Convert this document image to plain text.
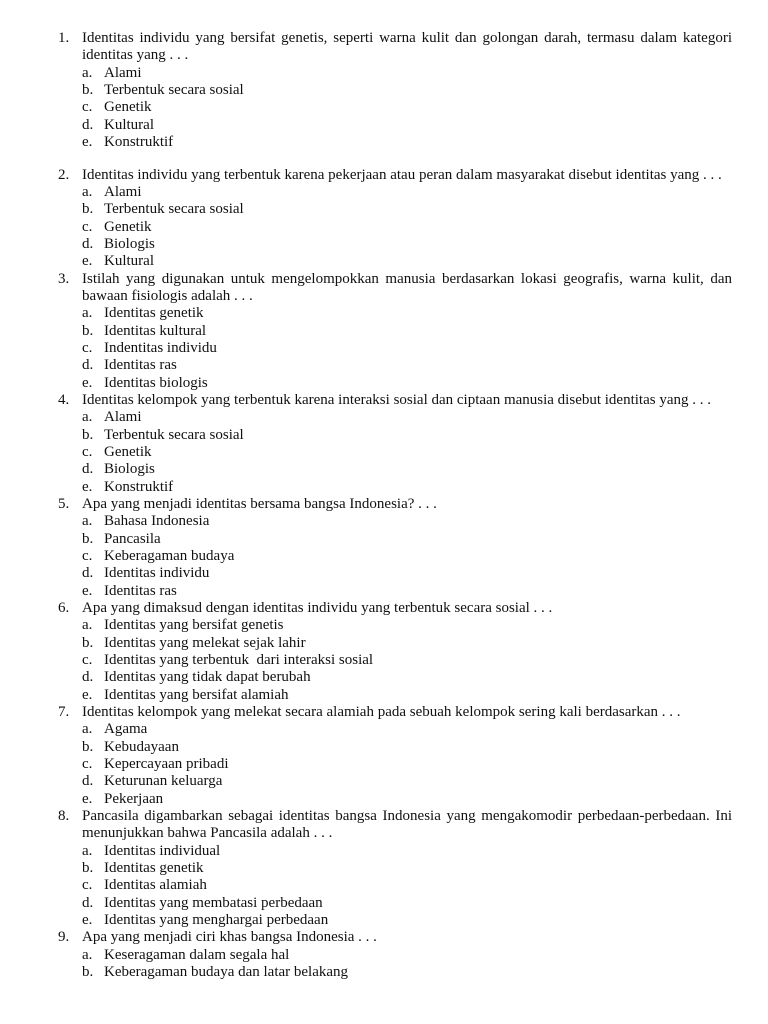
1. Identitas individu yang bersifat genetis, seperti warna kulit dan golongan darah, termasu dalam kategori
identitas yang . . .
a. Alami
b. Terbentuk secara sosial
c. Genetik
d. Kultural
e. Konstruktif
2. Identitas individu yang terbentuk karena pekerjaan atau peran dalam masyarakat disebut identitas yang . . .
a. Alami
b. Terbentuk secara sosial
c. Genetik
d. Biologis
e. Kultural
3. Istilah yang digunakan untuk mengelompokkan manusia berdasarkan lokasi geografis, warna kulit, dan
bawaan fisiologis adalah . . .
a. Identitas genetik
b. Identitas kultural
c. Indentitas individu
d. Identitas ras
e. Identitas biologis
4. Identitas kelompok yang terbentuk karena interaksi sosial dan ciptaan manusia disebut identitas yang . . .
a. Alami
b. Terbentuk secara sosial
c. Genetik
d. Biologis
e. Konstruktif
5. Apa yang menjadi identitas bersama bangsa Indonesia? . . .
a. Bahasa Indonesia
b. Pancasila
c. Keberagaman budaya
d. Identitas individu
e. Identitas ras
6. Apa yang dimaksud dengan identitas individu yang terbentuk secara sosial . . .
a. Identitas yang bersifat genetis
b. Identitas yang melekat sejak lahir
c. Identitas yang terbentuk  dari interaksi sosial
d. Identitas yang tidak dapat berubah
e. Identitas yang bersifat alamiah
7. Identitas kelompok yang melekat secara alamiah pada sebuah kelompok sering kali berdasarkan . . .
a. Agama
b. Kebudayaan
c. Kepercayaan pribadi
d. Keturunan keluarga
e. Pekerjaan
8. Pancasila digambarkan sebagai identitas bangsa Indonesia yang mengakomodir perbedaan-perbedaan. Ini
menunjukkan bahwa Pancasila adalah . . .
a. Identitas individual
b. Identitas genetik
c. Identitas alamiah
d. Identitas yang membatasi perbedaan
e. Identitas yang menghargai perbedaan
9. Apa yang menjadi ciri khas bangsa Indonesia . . .
a. Keseragaman dalam segala hal
b. Keberagaman budaya dan latar belakang
